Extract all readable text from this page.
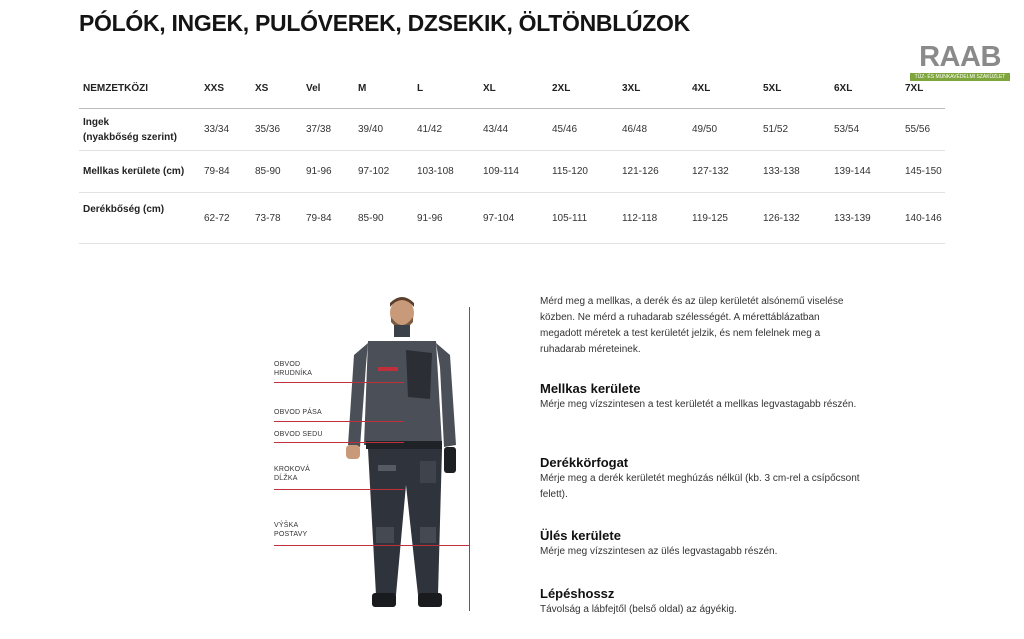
PÓLÓK, INGEK, PULÓVEREK, DZSEKIK, ÖLTÖNBLÚZOK
RAAB
TŰZ- ÉS MUNKAVÉDELMI SZAKÜZLET
NEMZETKÖZI	XXS	XS	Vel	M	L	XL	2XL	3XL	4XL	5XL	6XL	7XL
Ingek
(nyakbőség szerint)	33/34	35/36	37/38	39/40	41/42	43/44	45/46	46/48	49/50	51/52	53/54	55/56
Mellkas kerülete (cm)	79-84	85-90	91-96	97-102	103-108	109-114	115-120	121-126	127-132	133-138	139-144	145-150
Derékbőség (cm)	62-72	73-78	79-84	85-90	91-96	97-104	105-111	112-118	119-125	126-132	133-139	140-146
OBVOD
HRUDNÍKA
OBVOD PÁSA
OBVOD SEDU
KROKOVÁ
DĹŽKA
VÝŠKA
POSTAVY

Mérd meg a mellkas, a derék és az ülep kerületét alsónemű viselése közben. Ne mérd a ruhadarab szélességét. A mérettáblázatban megadott méretek a test kerületét jelzik, és nem felelnek meg a ruhadarab méreteinek.

Mellkas kerülete

Mérje meg vízszintesen a test kerületét a mellkas legvastagabb részén.

Derékkörfogat

Mérje meg a derék kerületét meghúzás nélkül (kb. 3 cm-rel a csípőcsont felett).

Ülés kerülete

Mérje meg vízszintesen az ülés legvastagabb részén.

Lépéshossz

Távolság a lábfejtől (belső oldal) az ágyékig.
